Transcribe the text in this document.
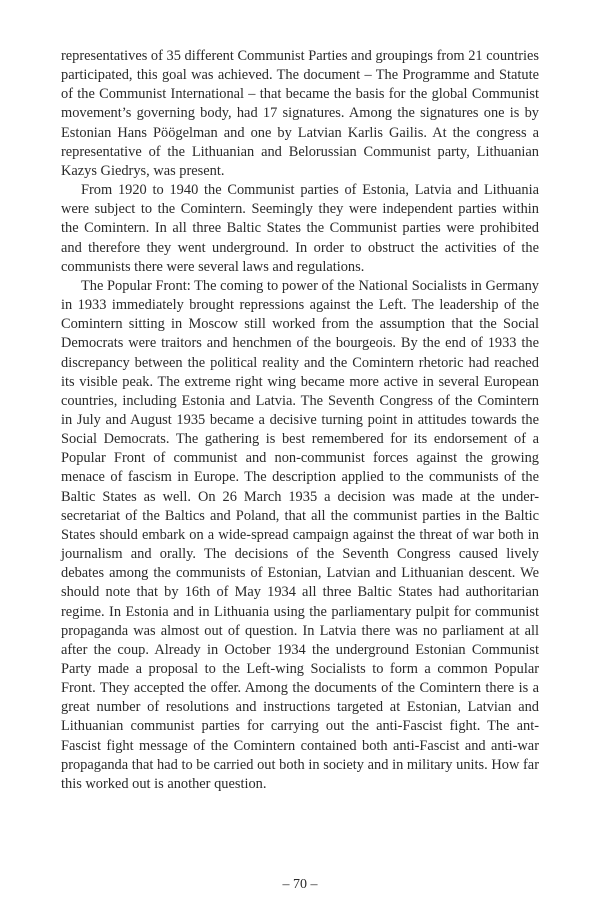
representatives of 35 different Communist Parties and groupings from 21 countries participated, this goal was achieved. The document – The Programme and Statute of the Communist International – that became the basis for the global Communist movement’s governing body, had 17 signatures. Among the signatures one is by Estonian Hans Pöögelman and one by Latvian Karlis Gailis. At the congress a representative of the Lithuanian and Belorussian Communist party, Lithuanian Kazys Giedrys, was present.

From 1920 to 1940 the Communist parties of Estonia, Latvia and Lithuania were subject to the Comintern. Seemingly they were independent parties within the Comintern. In all three Baltic States the Communist parties were prohibited and therefore they went underground. In order to obstruct the activities of the communists there were several laws and regulations.

The Popular Front: The coming to power of the National Socialists in Germany in 1933 immediately brought repressions against the Left. The leadership of the Comintern sitting in Moscow still worked from the assumption that the Social Democrats were traitors and henchmen of the bourgeois. By the end of 1933 the discrepancy between the political reality and the Comintern rhetoric had reached its visible peak. The extreme right wing became more active in several European countries, including Estonia and Latvia. The Seventh Congress of the Comintern in July and August 1935 became a decisive turning point in attitudes towards the Social Democrats. The gathering is best remembered for its endorsement of a Popular Front of communist and non-communist forces against the growing menace of fascism in Europe. The description applied to the communists of the Baltic States as well. On 26 March 1935 a decision was made at the under-secretariat of the Baltics and Poland, that all the communist parties in the Baltic States should embark on a wide-spread campaign against the threat of war both in journalism and orally. The decisions of the Seventh Congress caused lively debates among the communists of Estonian, Latvian and Lithuanian descent. We should note that by 16th of May 1934 all three Baltic States had authoritarian regime. In Estonia and in Lithuania using the parliamentary pulpit for communist propaganda was almost out of question. In Latvia there was no parliament at all after the coup. Already in October 1934 the underground Estonian Communist Party made a proposal to the Left-wing Socialists to form a common Popular Front. They accepted the offer. Among the documents of the Comintern there is a great number of resolutions and instructions targeted at Estonian, Latvian and Lithuanian communist parties for carrying out the anti-Fascist fight. The ant-Fascist fight message of the Comintern contained both anti-Fascist and anti-war propaganda that had to be carried out both in society and in military units. How far this worked out is another question.

– 70 –
